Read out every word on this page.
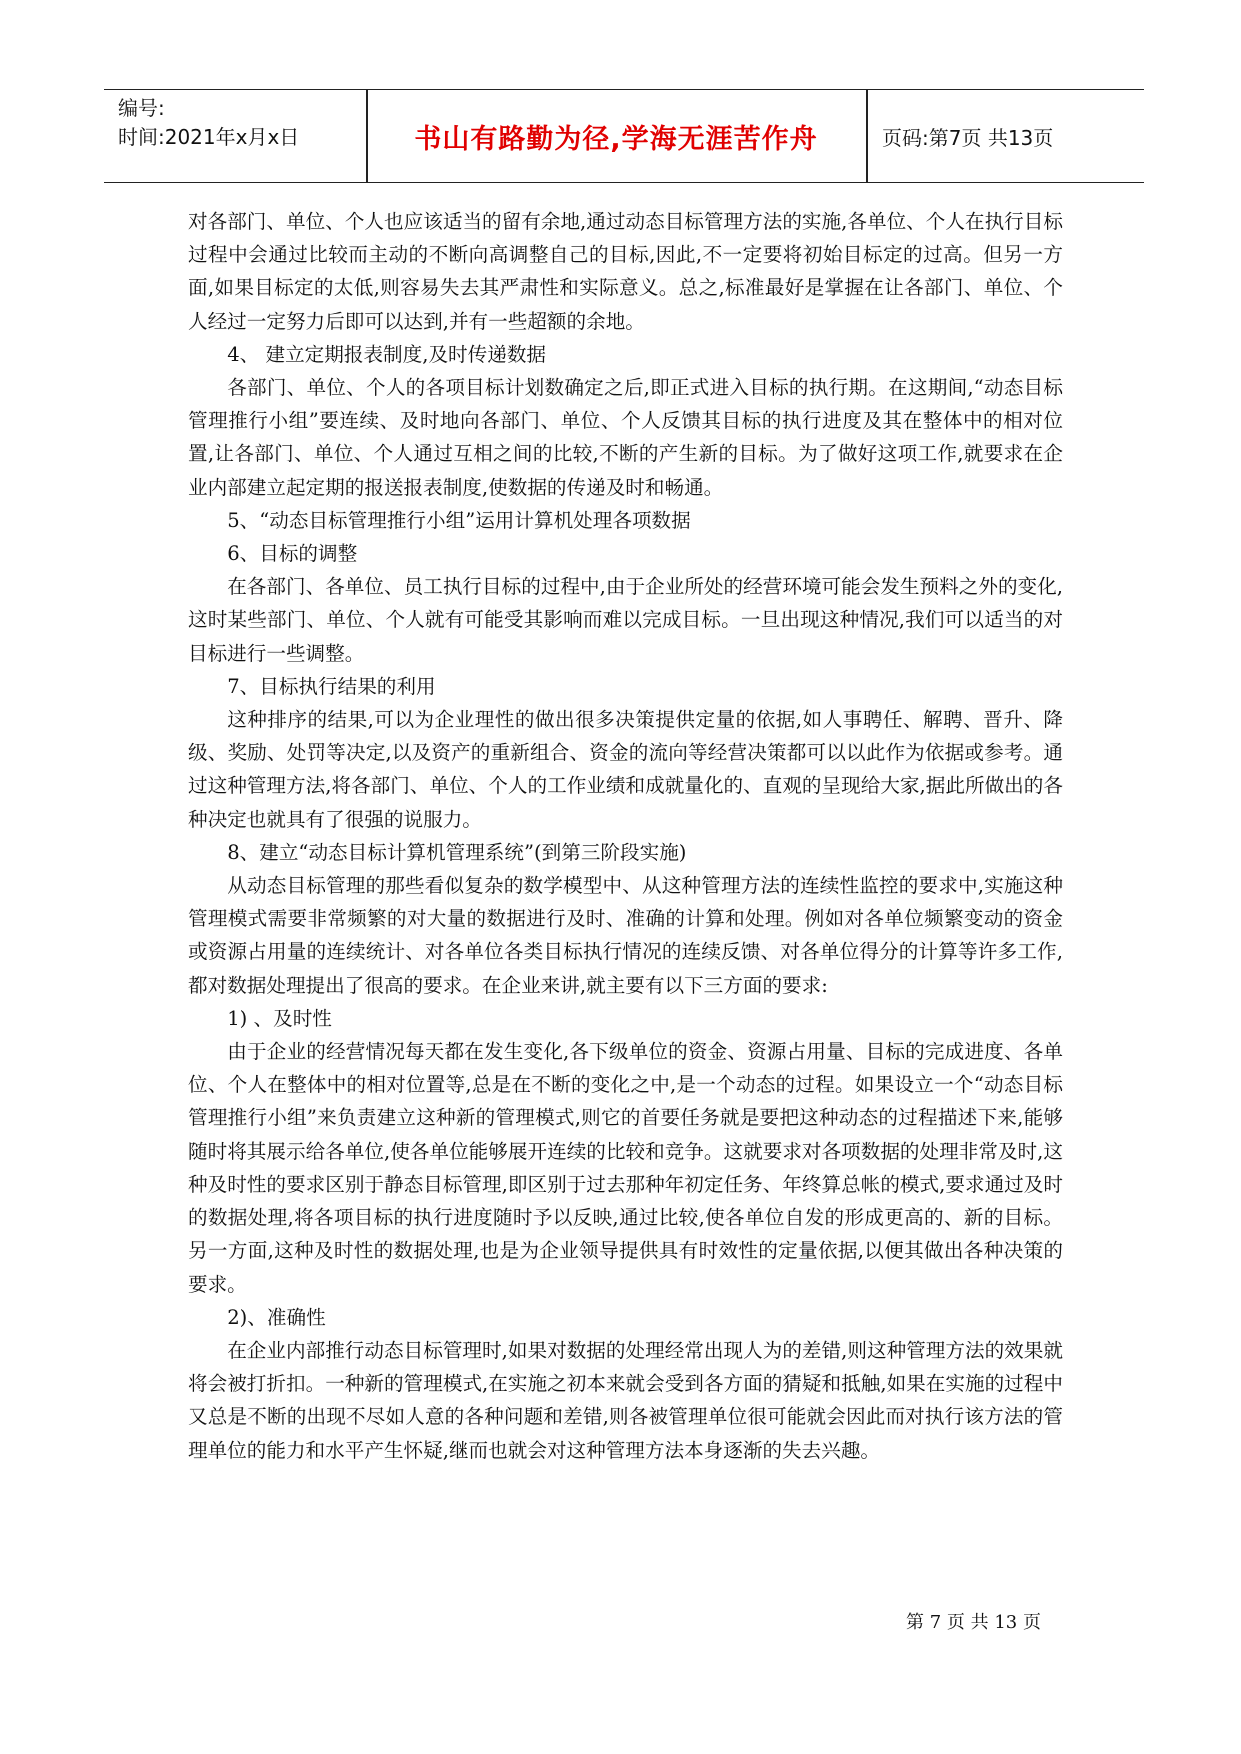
编号:
时间:2021年x月x日	书山有路勤为径,学海无涯苦作舟	页码:第7页 共13页

对各部门、单位、个人也应该适当的留有余地,通过动态目标管理方法的实施,各单位、个人在执行目标过程中会通过比较而主动的不断向高调整自己的目标,因此,不一定要将初始目标定的过高。但另一方面,如果目标定的太低,则容易失去其严肃性和实际意义。总之,标准最好是掌握在让各部门、单位、个人经过一定努力后即可以达到,并有一些超额的余地。

4、 建立定期报表制度,及时传递数据

各部门、单位、个人的各项目标计划数确定之后,即正式进入目标的执行期。在这期间,“动态目标管理推行小组”要连续、及时地向各部门、单位、个人反馈其目标的执行进度及其在整体中的相对位置,让各部门、单位、个人通过互相之间的比较,不断的产生新的目标。为了做好这项工作,就要求在企业内部建立起定期的报送报表制度,使数据的传递及时和畅通。

5、“动态目标管理推行小组”运用计算机处理各项数据

6、目标的调整

在各部门、各单位、员工执行目标的过程中,由于企业所处的经营环境可能会发生预料之外的变化,这时某些部门、单位、个人就有可能受其影响而难以完成目标。一旦出现这种情况,我们可以适当的对目标进行一些调整。

7、目标执行结果的利用

这种排序的结果,可以为企业理性的做出很多决策提供定量的依据,如人事聘任、解聘、晋升、降级、奖励、处罚等决定,以及资产的重新组合、资金的流向等经营决策都可以以此作为依据或参考。通过这种管理方法,将各部门、单位、个人的工作业绩和成就量化的、直观的呈现给大家,据此所做出的各种决定也就具有了很强的说服力。

8、建立“动态目标计算机管理系统”(到第三阶段实施)

从动态目标管理的那些看似复杂的数学模型中、从这种管理方法的连续性监控的要求中,实施这种管理模式需要非常频繁的对大量的数据进行及时、准确的计算和处理。例如对各单位频繁变动的资金或资源占用量的连续统计、对各单位各类目标执行情况的连续反馈、对各单位得分的计算等许多工作,都对数据处理提出了很高的要求。在企业来讲,就主要有以下三方面的要求:

1) 、及时性

由于企业的经营情况每天都在发生变化,各下级单位的资金、资源占用量、目标的完成进度、各单位、个人在整体中的相对位置等,总是在不断的变化之中,是一个动态的过程。如果设立一个“动态目标管理推行小组”来负责建立这种新的管理模式,则它的首要任务就是要把这种动态的过程描述下来,能够随时将其展示给各单位,使各单位能够展开连续的比较和竞争。这就要求对各项数据的处理非常及时,这种及时性的要求区别于静态目标管理,即区别于过去那种年初定任务、年终算总帐的模式,要求通过及时的数据处理,将各项目标的执行进度随时予以反映,通过比较,使各单位自发的形成更高的、新的目标。另一方面,这种及时性的数据处理,也是为企业领导提供具有时效性的定量依据,以便其做出各种决策的要求。

2)、准确性

在企业内部推行动态目标管理时,如果对数据的处理经常出现人为的差错,则这种管理方法的效果就将会被打折扣。一种新的管理模式,在实施之初本来就会受到各方面的猜疑和抵触,如果在实施的过程中又总是不断的出现不尽如人意的各种问题和差错,则各被管理单位很可能就会因此而对执行该方法的管理单位的能力和水平产生怀疑,继而也就会对这种管理方法本身逐渐的失去兴趣。

第 7 页 共 13 页
